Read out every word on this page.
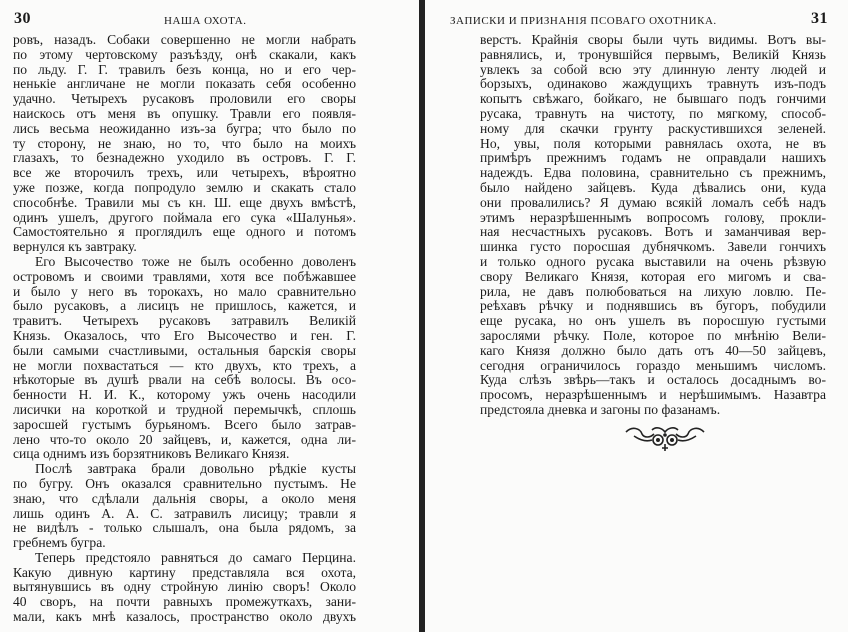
30	НАША ОХОТА.
ровъ, назадъ. Собаки совершенно не могли набрать
по этому чертовскому разъѣзду, онѣ скакали, какъ
по льду. Г. Г. травилъ безъ конца, но и его чер-
ненькіе англичане не могли показать себя особенно
удачно. Четырехъ русаковъ проловили его своры
наискось отъ меня въ опушку. Травли его появля-
лись весьма неожиданно изъ-за бугра; что было по
ту сторону, не знаю, но то, что было на моихъ
глазахъ, то безнадежно уходило въ островъ. Г. Г.
все же второчилъ трехъ, или четырехъ, вѣроятно
уже позже, когда попродуло землю и скакать стало
способнѣе. Травили мы съ кн. Ш. еще двухъ вмѣстѣ,
одинъ ушелъ, другого поймала его сука «Шалунья».
Самостоятельно я проглядилъ еще одного и потомъ
вернулся къ завтраку.
Его Высочество тоже не былъ особенно доволенъ
островомъ и своими травлями, хотя все побѣжавшее
и было у него въ торокахъ, но мало сравнительно
было русаковъ, а лисицъ не пришлось, кажется, и
травитъ. Четырехъ русаковъ затравилъ Великій
Князь. Оказалось, что Его Высочество и ген. Г.
были самыми счастливыми, остальныя барскія своры
не могли похвастаться — кто двухъ, кто трехъ, а
нѣкоторые въ душѣ рвали на себѣ волосы. Въ осо-
бенности Н. И. К., которому ужъ очень насодили
лисички на короткой и трудной перемычкѣ, сплошь
заросшей густымъ бурьяномъ. Всего было затрав-
лено что-то около 20 зайцевъ, и, кажется, одна ли-
сица однимъ изъ борзятниковъ Великаго Князя.
Послѣ завтрака брали довольно рѣдкіе кусты
по бугру. Онъ оказался сравнительно пустымъ. Не
знаю, что сдѣлали дальнія своры, а около меня
лишь одинъ А. А. С. затравилъ лисицу; травли я
не видѣлъ - только слышалъ, она была рядомъ, за
гребнемъ бугра.
Теперь предстояло равняться до самаго Перцина.
Какую дивную картину представляла вся охота,
вытянувшись въ одну стройную линію своръ! Около
40 своръ, на почти равныхъ промежуткахъ, зани-
мали, какъ мнѣ казалось, пространство около двухъ
ЗАПИСКИ И ПРИЗНАНІЯ ПСОВАГО ОХОТНИКА.	31
верстъ. Крайнія своры были чуть видимы. Вотъ вы-
равнялись, и, тронувшійся первымъ, Великій Князь
увлекъ за собой всю эту длинную ленту людей и
борзыхъ, одинаково жаждущихъ травнуть изъ-подъ
копытъ свѣжаго, бойкаго, не бывшаго подъ гончими
русака, травнуть на чистоту, по мягкому, способ-
ному для скачки грунту раскустившихся зеленей.
Но, увы, поля которыми равнялась охота, не въ
примѣръ прежнимъ годамъ не оправдали нашихъ
надеждъ. Едва половина, сравнительно съ прежнимъ,
было найдено зайцевъ. Куда дѣвались они, куда
они провалились? Я думаю всякій ломалъ себѣ надъ
этимъ неразрѣшеннымъ вопросомъ голову, прокли-
ная несчастныхъ русаковъ. Вотъ и заманчивая вер-
шинка густо поросшая дубнячкомъ. Завели гончихъ
и только одного русака выставили на очень рѣзвую
свору Великаго Князя, которая его мигомъ и сва-
рила, не давъ полюбоваться на лихую ловлю. Пе-
реѣхавъ рѣчку и поднявшись въ бугоръ, побудили
еще русака, но онъ ушелъ въ поросшую густыми
зарослями рѣчку. Поле, которое по мнѣнію Вели-
каго Князя должно было дать отъ 40—50 зайцевъ,
сегодня ограничилось гораздо меньшимъ числомъ.
Куда слѣзъ звѣрь—такъ и осталось досаднымъ во-
просомъ, неразрѣшеннымъ и нерѣшимымъ. Назавтра
предстояла дневка и загоны по фазанамъ.
